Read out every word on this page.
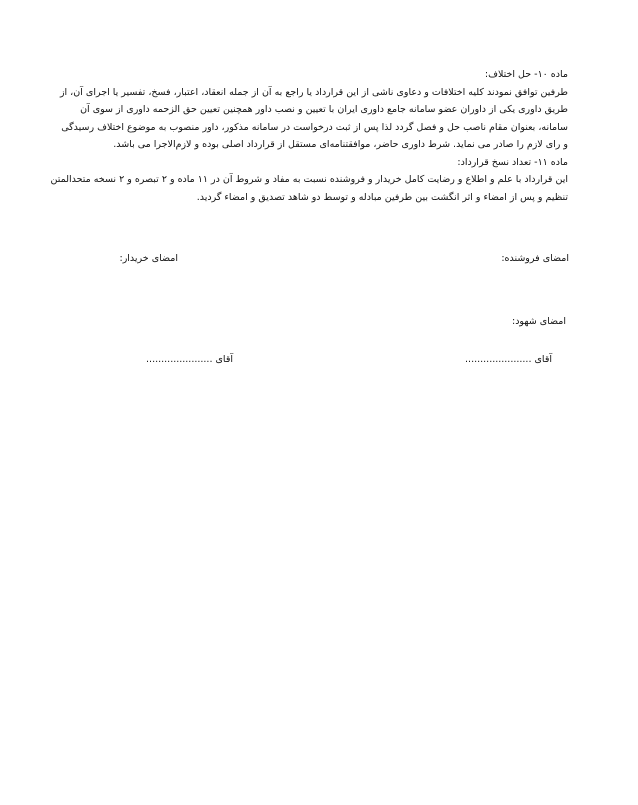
ماده ۱۰- حل اختلاف:
طرفین توافق نمودند کلیه اختلافات و دعاوی ناشی از این قرارداد یا راجع به آن از جمله انعقاد، اعتبار، فسخ، تفسیر یا اجرای آن، از
طریق داوری یکی از داوران عضو سامانه جامع داوری ایران با تعیین و نصب داور همچنین تعیین حق الزحمه داوری از سوی آن
سامانه، بعنوان مقام ناصب حل و فصل گردد لذا پس از ثبت درخواست در سامانه مذکور، داور منصوب به موضوع اختلاف رسیدگی
و رای لازم را صادر می نماید. شرط داوری حاضر، موافقتنامه‌ای مستقل از قرارداد اصلی بوده و لازم‌الاجرا می باشد.
ماده ۱۱- تعداد نسخ قرارداد:
این قرارداد با علم و اطلاع و رضایت کامل خریدار و فروشنده نسبت به مفاد و شروط آن در ۱۱ ماده و ۲ تبصره و ۲ نسخه متحدالمتن
تنظیم و پس از امضاء و اثر انگشت بین طرفین مبادله و توسط دو شاهد تصدیق و امضاء گردید.
امضای فروشنده:
امضای خریدار:
امضای شهود:
آقای ......................
آقای ......................
